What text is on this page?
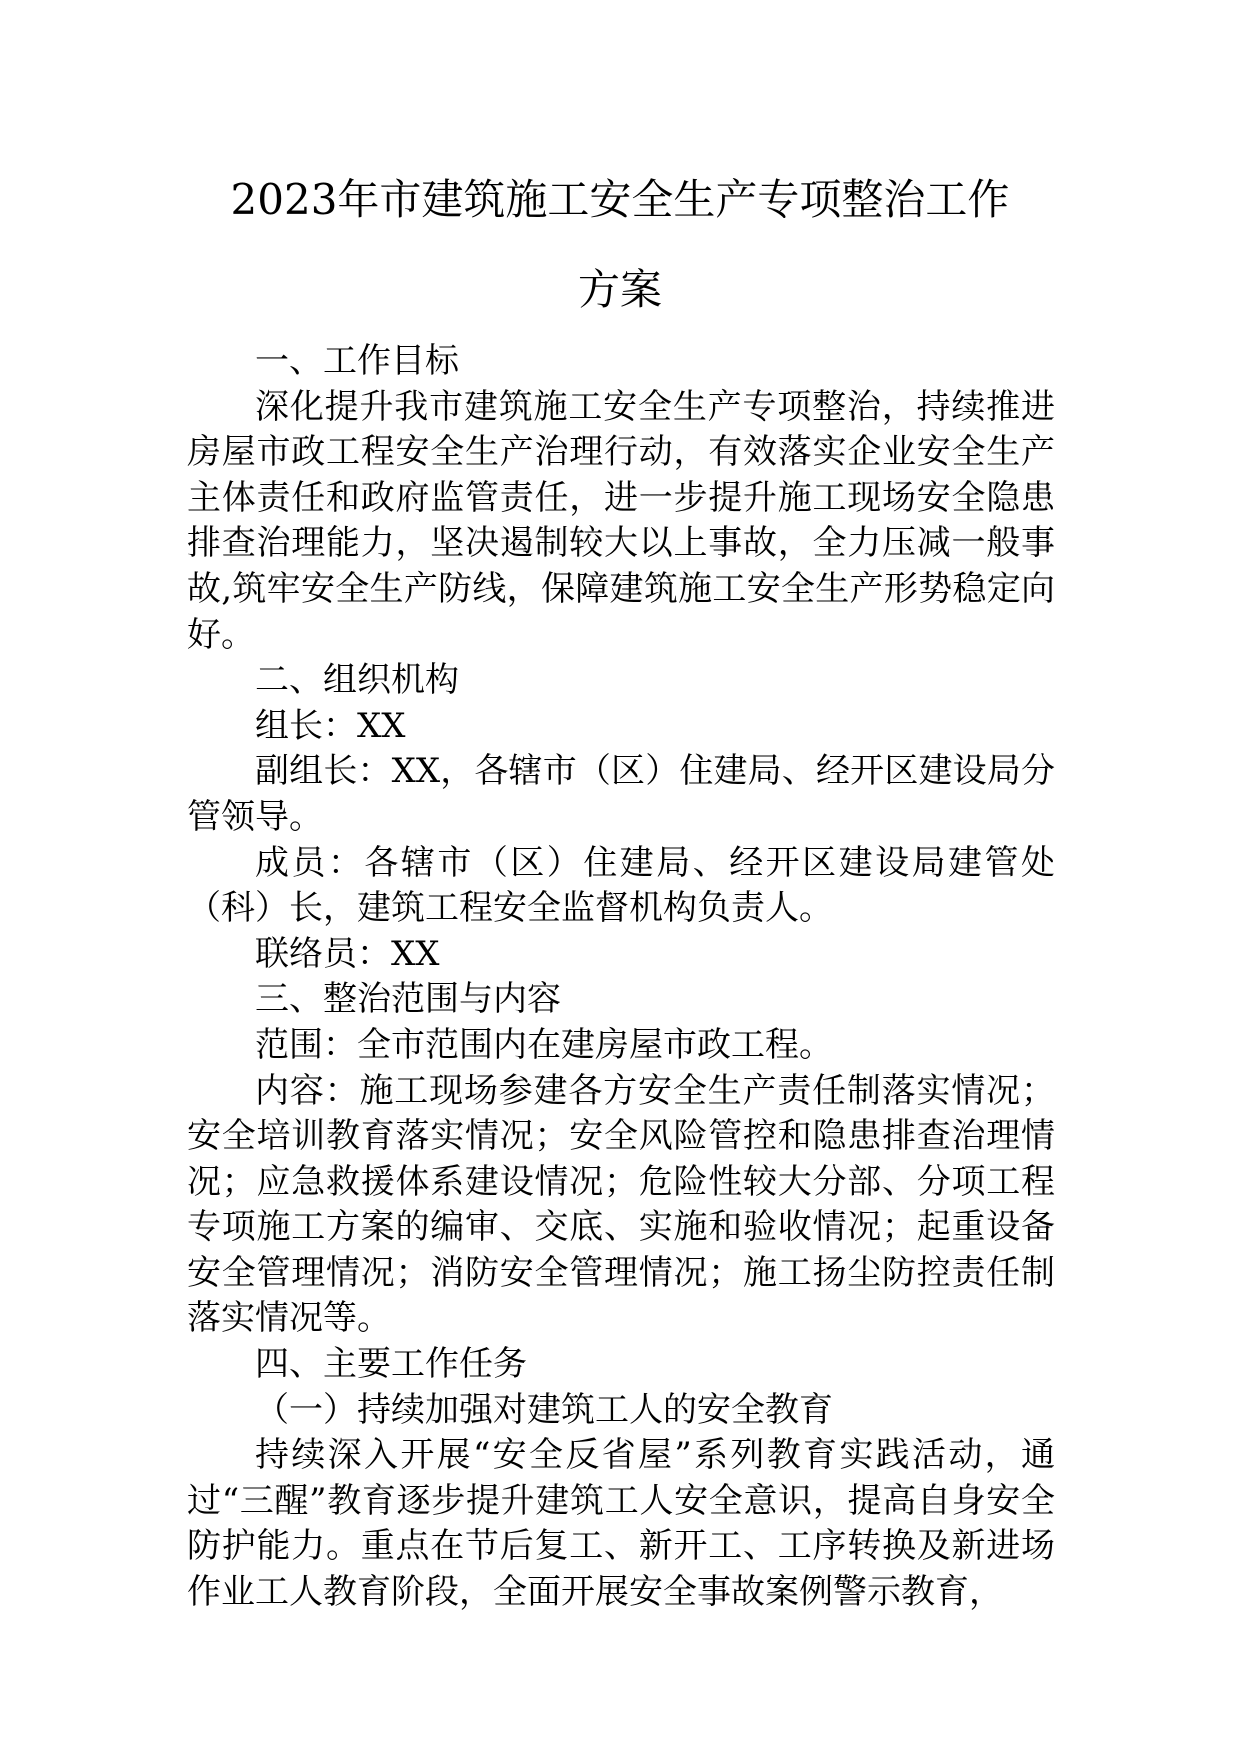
2023年市建筑施工安全生产专项整治工作
方案

一、工作目标

深化提升我市建筑施工安全生产专项整治，持续推进房屋市政工程安全生产治理行动，有效落实企业安全生产主体责任和政府监管责任，进一步提升施工现场安全隐患排查治理能力，坚决遏制较大以上事故，全力压减一般事故,筑牢安全生产防线，保障建筑施工安全生产形势稳定向好。

二、组织机构

组长：XX

副组长：XX，各辖市（区）住建局、经开区建设局分管领导。

成员：各辖市（区）住建局、经开区建设局建管处（科）长，建筑工程安全监督机构负责人。

联络员：XX

三、整治范围与内容

范围：全市范围内在建房屋市政工程。

内容：施工现场参建各方安全生产责任制落实情况；安全培训教育落实情况；安全风险管控和隐患排查治理情况；应急救援体系建设情况；危险性较大分部、分项工程专项施工方案的编审、交底、实施和验收情况；起重设备安全管理情况；消防安全管理情况；施工扬尘防控责任制落实情况等。

四、主要工作任务

（一）持续加强对建筑工人的安全教育

持续深入开展“安全反省屋”系列教育实践活动，通过“三醒”教育逐步提升建筑工人安全意识，提高自身安全防护能力。重点在节后复工、新开工、工序转换及新进场作业工人教育阶段，全面开展安全事故案例警示教育，
